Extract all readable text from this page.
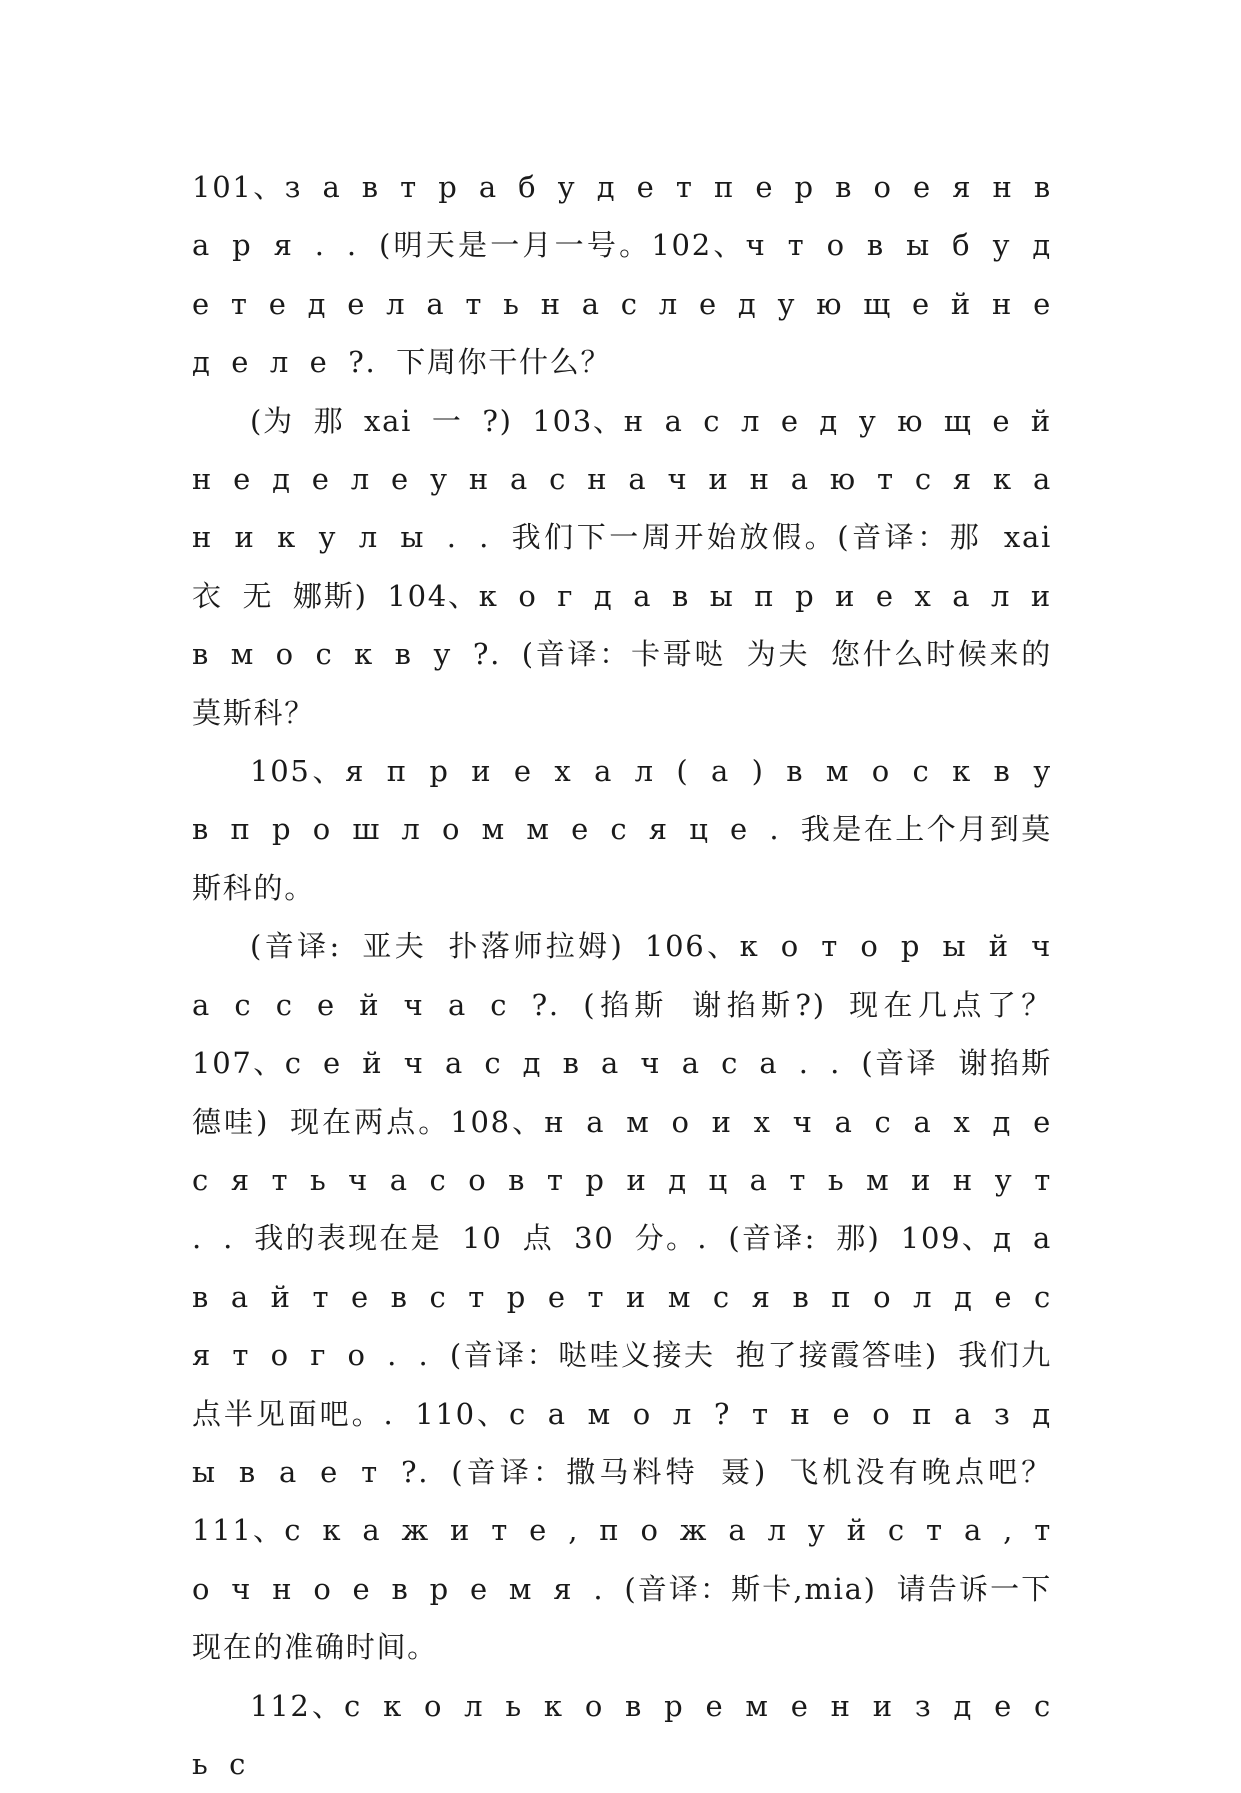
101、з а в т р а б у д е т п е р в о е я н в а р я . . (明天是一月一号。102、ч т о в ы б у д е т е д е л а т ь н а с л е д у ю щ е й н е д е л е ?. 下周你干什么？

(为 那 xai 一 ?) 103、н а с л е д у ю щ е й н е д е л е у н а с н а ч и н а ю т с я к а н и к у л ы . . 我们下一周开始放假。(音译：那 xai 衣 无 娜斯) 104、к о г д а в ы п р и е х а л и в м о с к в у ?. (音译：卡哥哒 为夫 您什么时候来的莫斯科？

105、я п р и е х а л ( а ) в м о с к в у в п р о ш л о м м е с я ц е . 我是在上个月到莫斯科的。

(音译: 亚夫 扑落师拉姆) 106、к о т о р ы й ч а с с е й ч а с ?. (掐斯 谢掐斯?) 现在几点了？ 107、с е й ч а с д в а ч а с а . . (音译 谢掐斯 德哇) 现在两点。108、н а м о и х ч а с а х д е с я т ь ч а с о в т р и д ц а т ь м и н у т . . 我的表现在是 10 点 30 分。. (音译: 那) 109、д а в а й т е в с т р е т и м с я в п о л д е с я т о г о . . (音译：哒哇义接夫 抱了接霞答哇) 我们九点半见面吧。. 110、с а м о л ? т н е о п а з д ы в а е т ?. (音译：撒马料特 聂) 飞机没有晚点吧？ 111、с к а ж и т е , п о ж а л у й с т а , т о ч н о е в р е м я . (音译：斯卡,mia) 请告诉一下现在的准确时间。

112、с к о л ь к о в р е м е н и з д е с ь с
